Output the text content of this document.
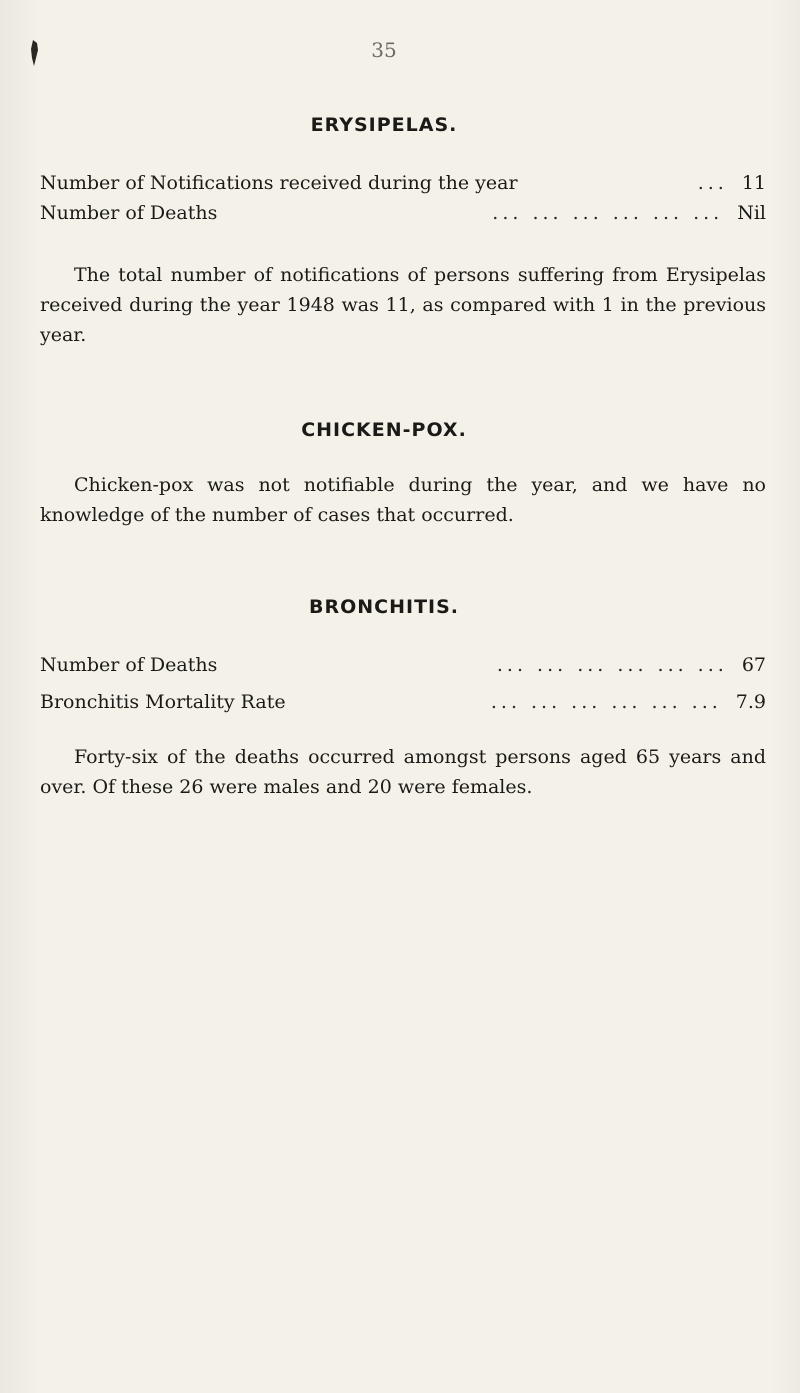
35
ERYSIPELAS.
Number of Notifications received during the year	... 11
Number of Deaths	... ... ... ... ... ... Nil

The total number of notifications of persons suffering from Erysipelas received during the year 1948 was 11, as compared with 1 in the previous year.

CHICKEN-POX.

Chicken-pox was not notifiable during the year, and we have no knowledge of the number of cases that occurred.

BRONCHITIS.
Number of Deaths	... ... ... ... ... ... 67
Bronchitis Mortality Rate	... ... ... ... ... ... 7.9

Forty-six of the deaths occurred amongst persons aged 65 years and over. Of these 26 were males and 20 were females.
